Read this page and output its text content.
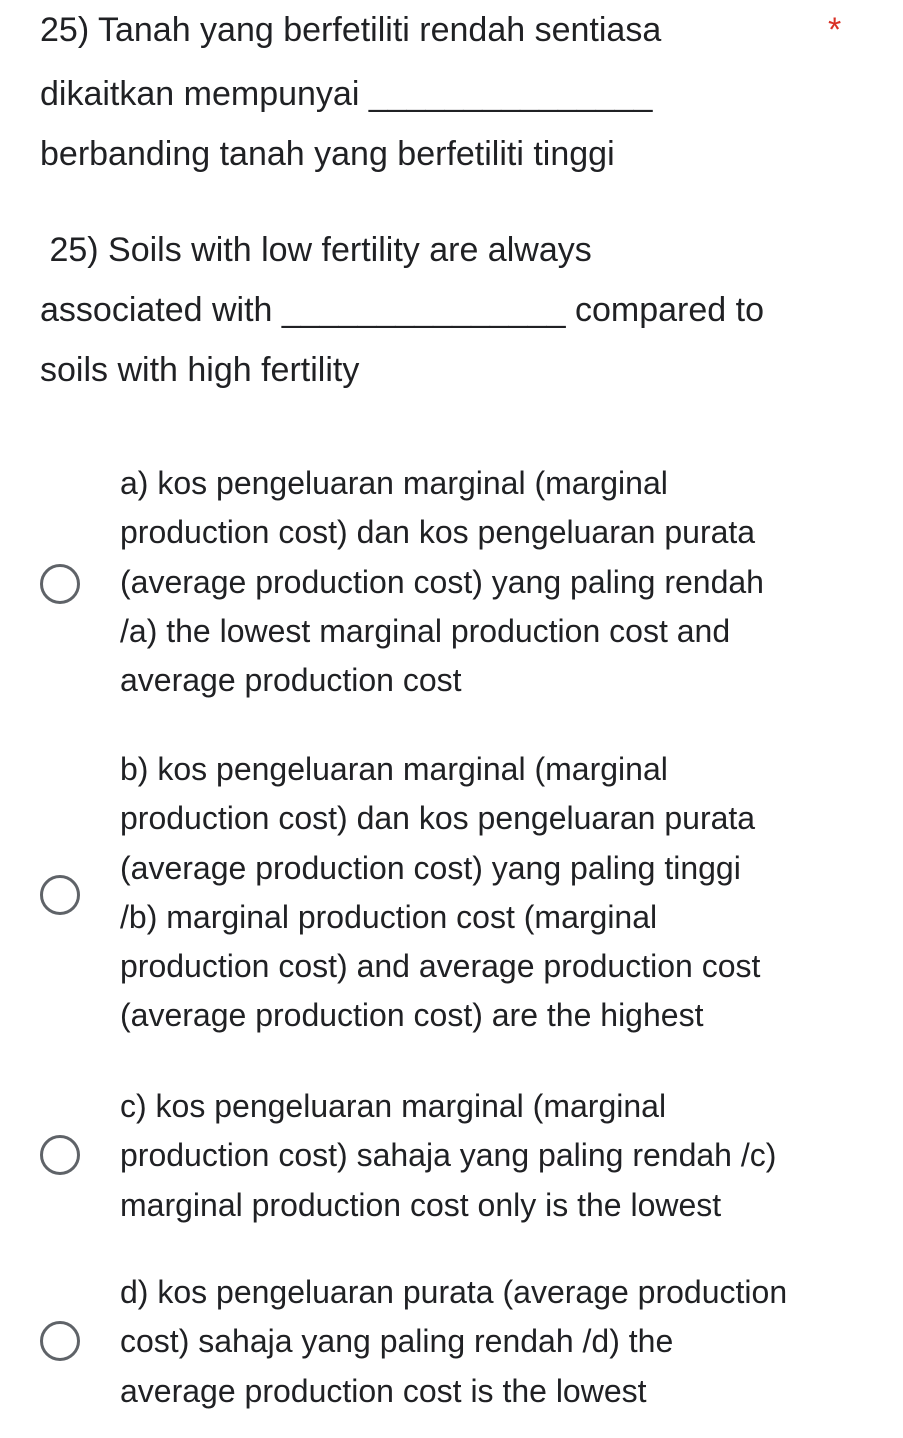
25) Tanah yang berfetiliti rendah sentiasa
dikaitkan mempunyai _______________
berbanding tanah yang berfetiliti tinggi
25) Soils with low fertility are always
associated with _______________ compared to
soils with high fertility
*
a) kos pengeluaran marginal (marginal
production cost) dan kos pengeluaran purata
(average production cost) yang paling rendah
/a) the lowest marginal production cost and
average production cost
b) kos pengeluaran marginal (marginal
production cost) dan kos pengeluaran purata
(average production cost) yang paling tinggi
/b) marginal production cost (marginal
production cost) and average production cost
(average production cost) are the highest
c) kos pengeluaran marginal (marginal
production cost) sahaja yang paling rendah /c)
marginal production cost only is the lowest
d) kos pengeluaran purata (average production
cost) sahaja yang paling rendah /d) the
average production cost is the lowest
